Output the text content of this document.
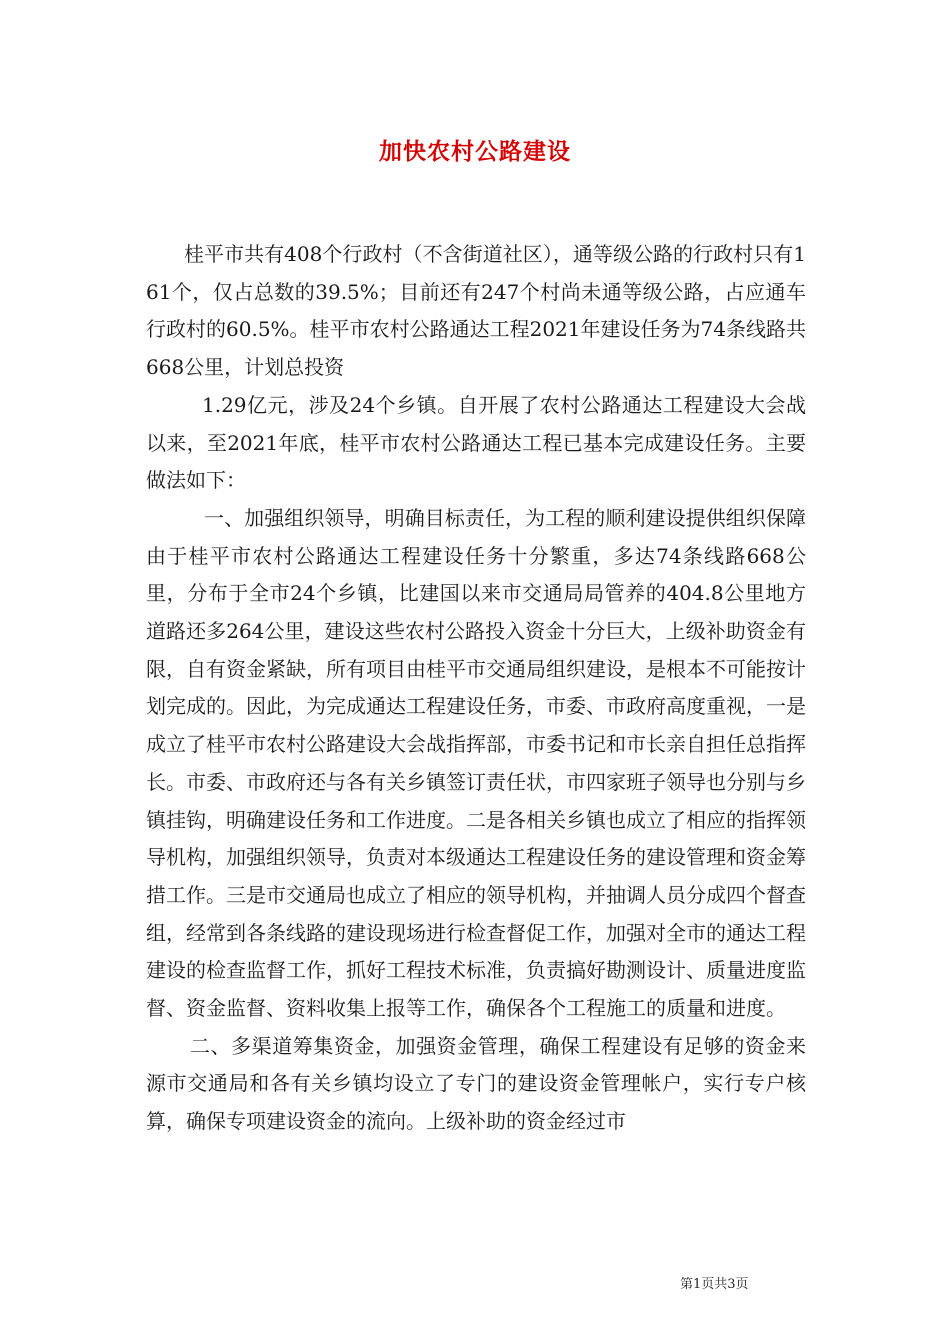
加快农村公路建设

桂平市共有408个行政村（不含街道社区），通等级公路的行政村只有161个，仅占总数的39.5%；目前还有247个村尚未通等级公路，占应通车行政村的60.5%。桂平市农村公路通达工程2021年建设任务为74条线路共668公里，计划总投资

1.29亿元，涉及24个乡镇。自开展了农村公路通达工程建设大会战以来，至2021年底，桂平市农村公路通达工程已基本完成建设任务。主要做法如下：

一、加强组织领导，明确目标责任，为工程的顺利建设提供组织保障由于桂平市农村公路通达工程建设任务十分繁重，多达74条线路668公里，分布于全市24个乡镇，比建国以来市交通局局管养的404.8公里地方道路还多264公里，建设这些农村公路投入资金十分巨大，上级补助资金有限，自有资金紧缺，所有项目由桂平市交通局组织建设，是根本不可能按计划完成的。因此，为完成通达工程建设任务，市委、市政府高度重视，一是成立了桂平市农村公路建设大会战指挥部，市委书记和市长亲自担任总指挥长。市委、市政府还与各有关乡镇签订责任状，市四家班子领导也分别与乡镇挂钩，明确建设任务和工作进度。二是各相关乡镇也成立了相应的指挥领导机构，加强组织领导，负责对本级通达工程建设任务的建设管理和资金筹措工作。三是市交通局也成立了相应的领导机构，并抽调人员分成四个督查组，经常到各条线路的建设现场进行检查督促工作，加强对全市的通达工程建设的检查监督工作，抓好工程技术标准，负责搞好勘测设计、质量进度监督、资金监督、资料收集上报等工作，确保各个工程施工的质量和进度。

二、多渠道筹集资金，加强资金管理，确保工程建设有足够的资金来源市交通局和各有关乡镇均设立了专门的建设资金管理帐户，实行专户核算，确保专项建设资金的流向。上级补助的资金经过市

第1页共3页
